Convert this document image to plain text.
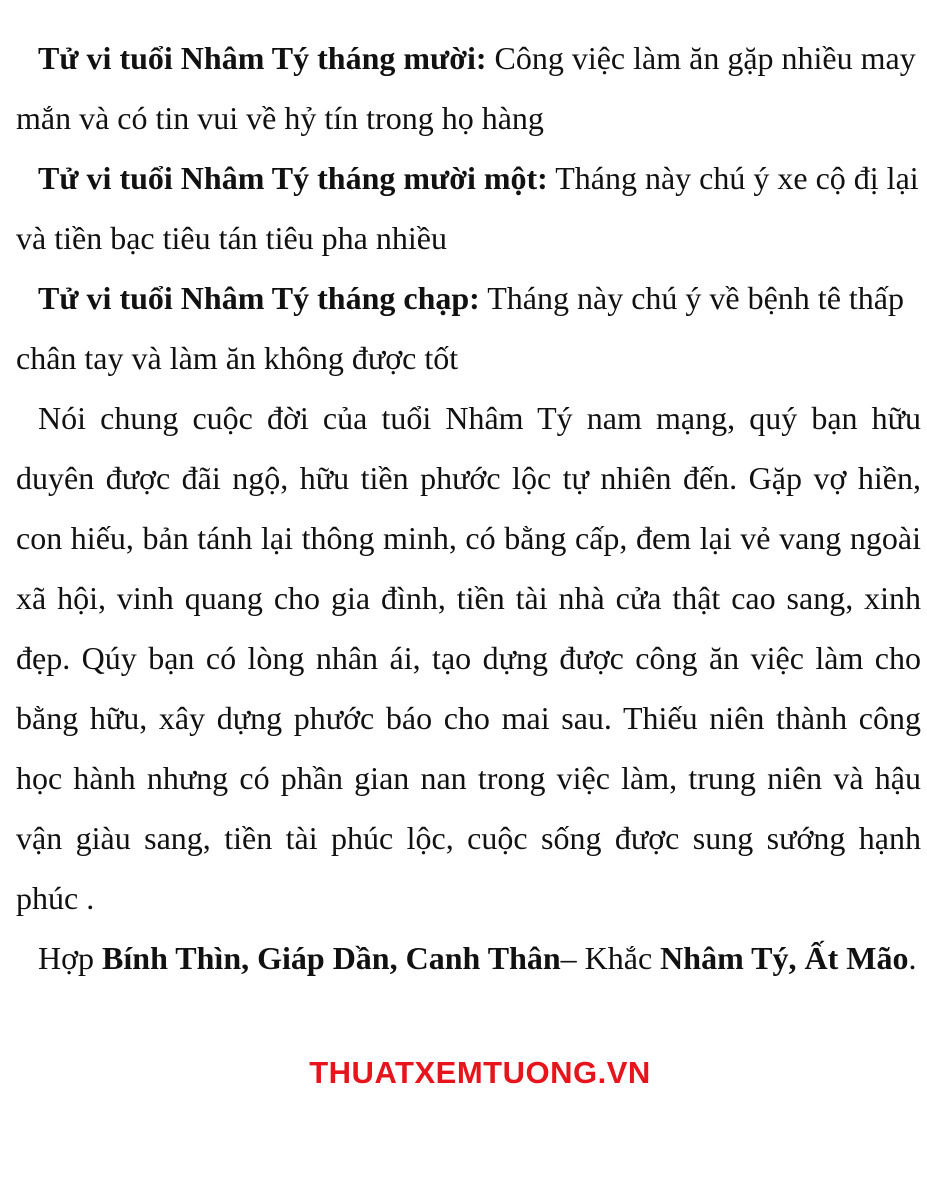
Tử vi tuổi Nhâm Tý tháng mười: Công việc làm ăn gặp nhiều may mắn và có tin vui về hỷ tín trong họ hàng

Tử vi tuổi Nhâm Tý tháng mười một: Tháng này chú ý xe cộ đị lại và tiền bạc tiêu tán tiêu pha nhiều

Tử vi tuổi Nhâm Tý tháng chạp: Tháng này chú ý về bệnh tê thấp chân tay và làm ăn không được tốt

Nói chung cuộc đời của tuổi Nhâm Tý nam mạng, quý bạn hữu duyên được đãi ngộ, hữu tiền phước lộc tự nhiên đến. Gặp vợ hiền, con hiếu, bản tánh lại thông minh, có bằng cấp, đem lại vẻ vang ngoài xã hội, vinh quang cho gia đình, tiền tài nhà cửa thật cao sang, xinh đẹp. Qúy bạn có lòng nhân ái, tạo dựng được công ăn việc làm cho bằng hữu, xây dựng phước báo cho mai sau. Thiếu niên thành công học hành nhưng có phần gian nan trong việc làm, trung niên và hậu vận giàu sang, tiền tài phúc lộc, cuộc sống được sung sướng hạnh phúc .

Hợp Bính Thìn, Giáp Dần, Canh Thân– Khắc Nhâm Tý, Ất Mão.

THUATXEMTUONG.VN
